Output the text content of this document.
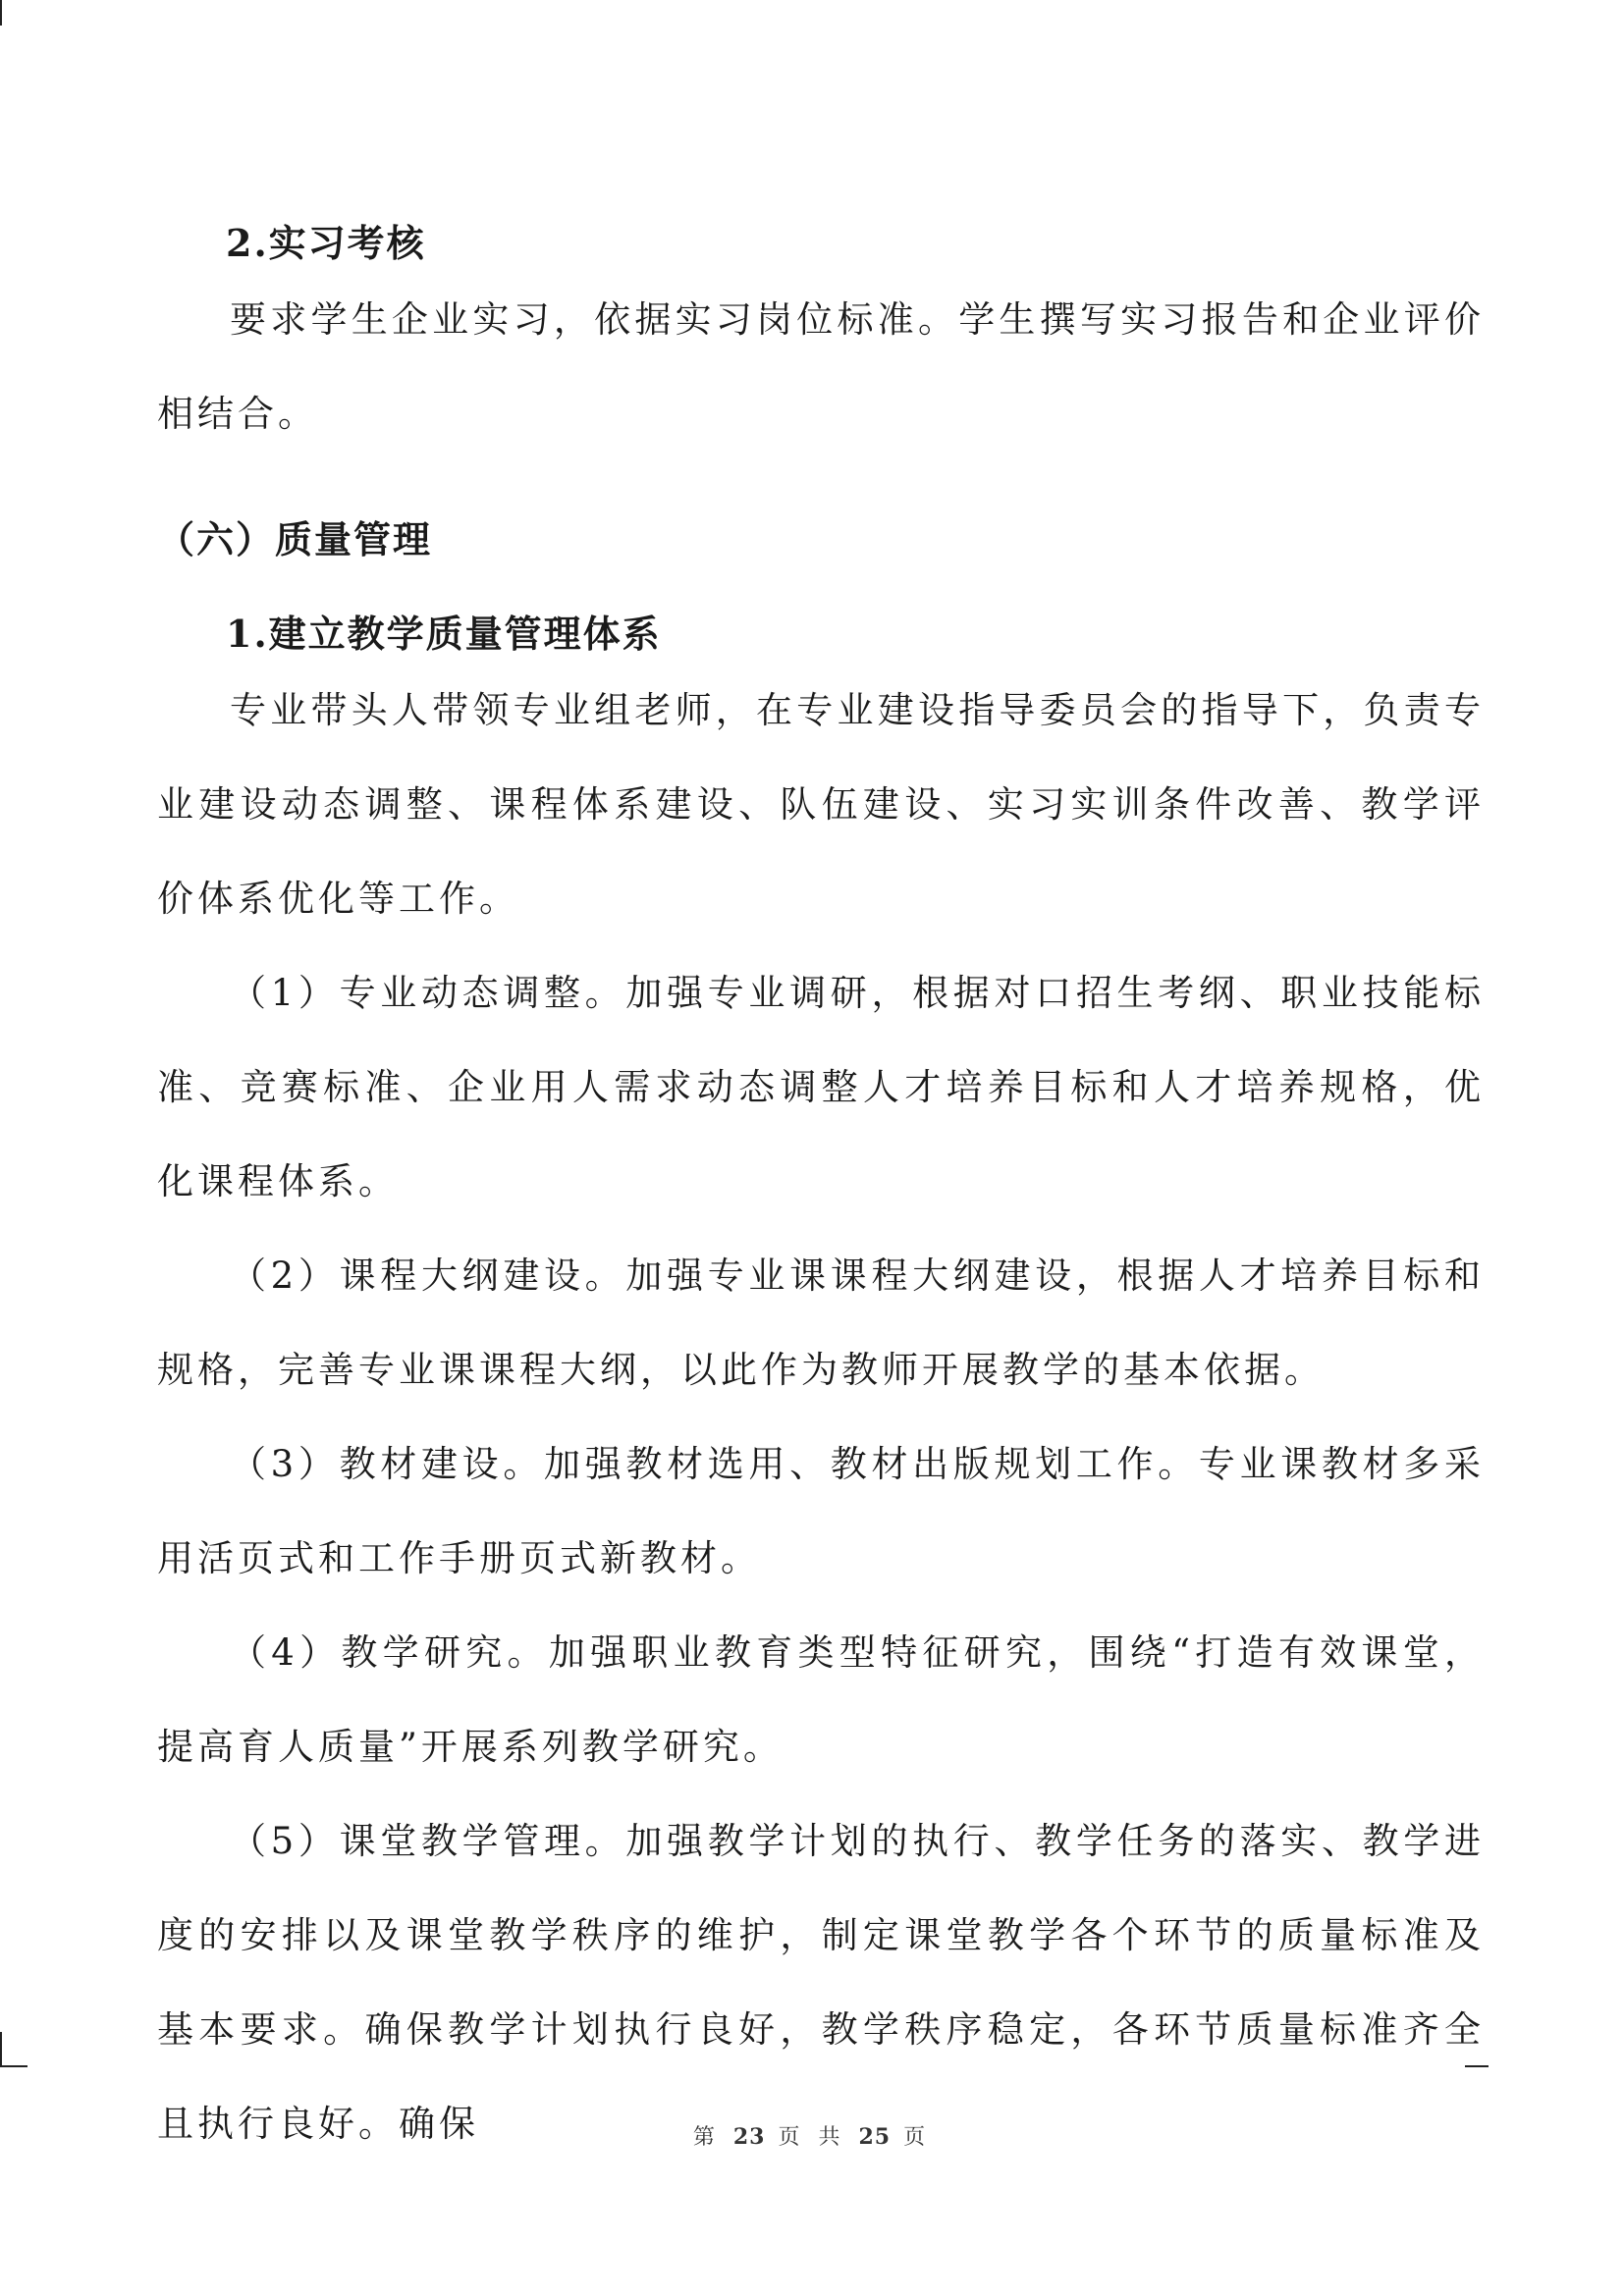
2.实习考核

要求学生企业实习，依据实习岗位标准。学生撰写实习报告和企业评价相结合。

（六）质量管理

1.建立教学质量管理体系

专业带头人带领专业组老师，在专业建设指导委员会的指导下，负责专业建设动态调整、课程体系建设、队伍建设、实习实训条件改善、教学评价体系优化等工作。

（1）专业动态调整。加强专业调研，根据对口招生考纲、职业技能标准、竞赛标准、企业用人需求动态调整人才培养目标和人才培养规格，优化课程体系。

（2）课程大纲建设。加强专业课课程大纲建设，根据人才培养目标和规格，完善专业课课程大纲，以此作为教师开展教学的基本依据。

（3）教材建设。加强教材选用、教材出版规划工作。专业课教材多采用活页式和工作手册页式新教材。

（4）教学研究。加强职业教育类型特征研究，围绕“打造有效课堂，提高育人质量”开展系列教学研究。

（5）课堂教学管理。加强教学计划的执行、教学任务的落实、教学进度的安排以及课堂教学秩序的维护，制定课堂教学各个环节的质量标准及基本要求。确保教学计划执行良好，教学秩序稳定，各环节质量标准齐全且执行良好。确保	第 23 页 共 25 页
